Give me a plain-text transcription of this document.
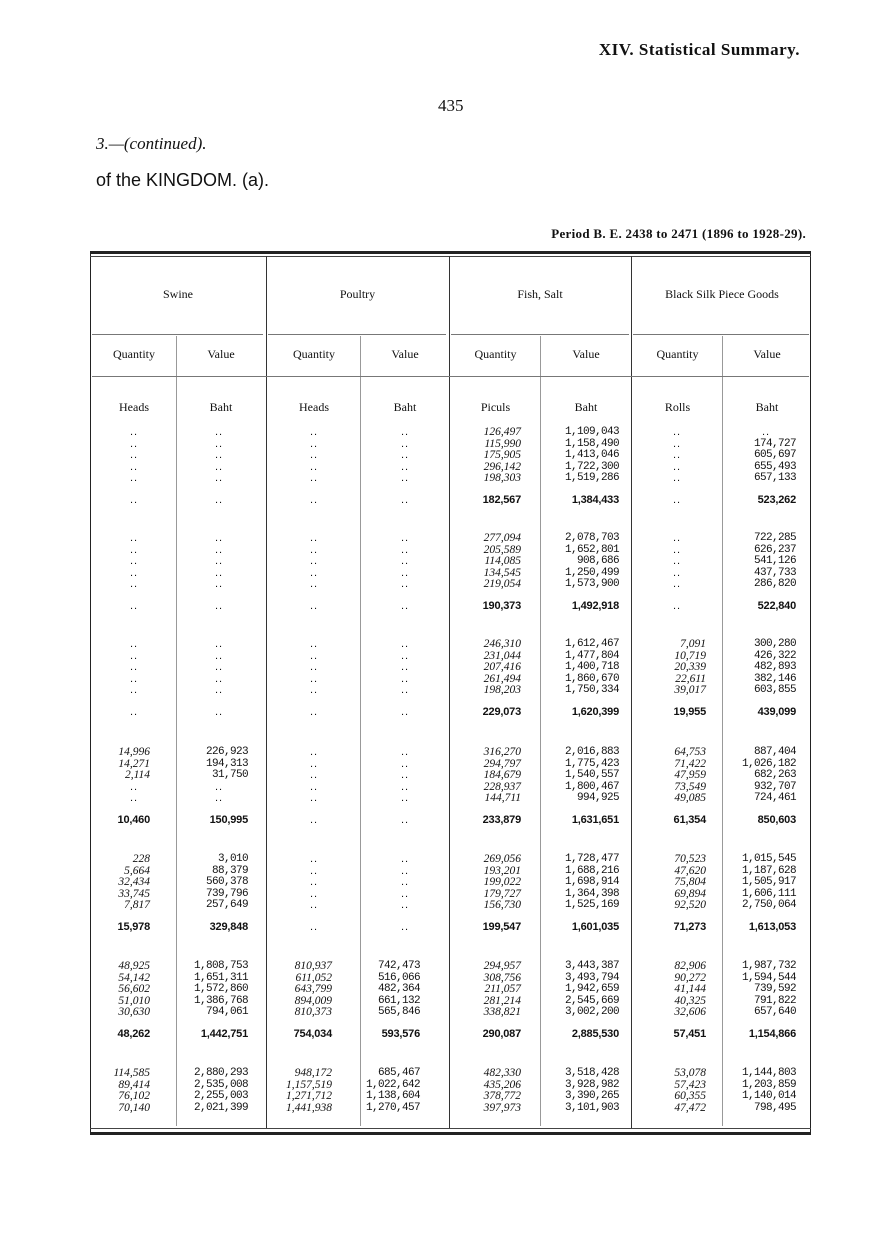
XIV. Statistical Summary.
435
3.—(continued).
of the KINGDOM. (a).
Period B. E. 2438 to 2471 (1896 to 1928-29).
Swine	Poultry	Fish, Salt	Black Silk Piece Goods
Quantity	Value	Quantity	Value	Quantity	Value	Quantity	Value
Heads	Baht	Heads	Baht	Piculs	Baht	Rolls	Baht
..	..	..	..	126,497	1,109,043	..	..
..	..	..	..	115,990	1,158,490	..	174,727
..	..	..	..	175,905	1,413,046	..	605,697
..	..	..	..	296,142	1,722,300	..	655,493
..	..	..	..	198,303	1,519,286	..	657,133
..	..	..	..	182,567	1,384,433	..	523,262
..	..	..	..	277,094	2,078,703	..	722,285
..	..	..	..	205,589	1,652,801	..	626,237
..	..	..	..	114,085	908,686	..	541,126
..	..	..	..	134,545	1,250,499	..	437,733
..	..	..	..	219,054	1,573,900	..	286,820
..	..	..	..	190,373	1,492,918	..	522,840
..	..	..	..	246,310	1,612,467	7,091	300,280
..	..	..	..	231,044	1,477,804	10,719	426,322
..	..	..	..	207,416	1,400,718	20,339	482,893
..	..	..	..	261,494	1,860,670	22,611	382,146
..	..	..	..	198,203	1,750,334	39,017	603,855
..	..	..	..	229,073	1,620,399	19,955	439,099
14,996	226,923	..	..	316,270	2,016,883	64,753	887,404
14,271	194,313	..	..	294,797	1,775,423	71,422	1,026,182
2,114	31,750	..	..	184,679	1,540,557	47,959	682,263
..	..	..	..	228,937	1,800,467	73,549	932,707
..	..	..	..	144,711	994,925	49,085	724,461
10,460	150,995	..	..	233,879	1,631,651	61,354	850,603
228	3,010	..	..	269,056	1,728,477	70,523	1,015,545
5,664	88,379	..	..	193,201	1,688,216	47,620	1,187,628
32,434	560,378	..	..	199,022	1,698,914	75,804	1,505,917
33,745	739,796	..	..	179,727	1,364,398	69,894	1,606,111
7,817	257,649	..	..	156,730	1,525,169	92,520	2,750,064
15,978	329,848	..	..	199,547	1,601,035	71,273	1,613,053
48,925	1,808,753	810,937	742,473	294,957	3,443,387	82,906	1,987,732
54,142	1,651,311	611,052	516,066	308,756	3,493,794	90,272	1,594,544
56,602	1,572,860	643,799	482,364	211,057	1,942,659	41,144	739,592
51,010	1,386,768	894,009	661,132	281,214	2,545,669	40,325	791,822
30,630	794,061	810,373	565,846	338,821	3,002,200	32,606	657,640
48,262	1,442,751	754,034	593,576	290,087	2,885,530	57,451	1,154,866
114,585	2,880,293	948,172	685,467	482,330	3,518,428	53,078	1,144,803
89,414	2,535,008	1,157,519	1,022,642	435,206	3,928,982	57,423	1,203,859
76,102	2,255,003	1,271,712	1,138,604	378,772	3,390,265	60,355	1,140,014
70,140	2,021,399	1,441,938	1,270,457	397,973	3,101,903	47,472	798,495
